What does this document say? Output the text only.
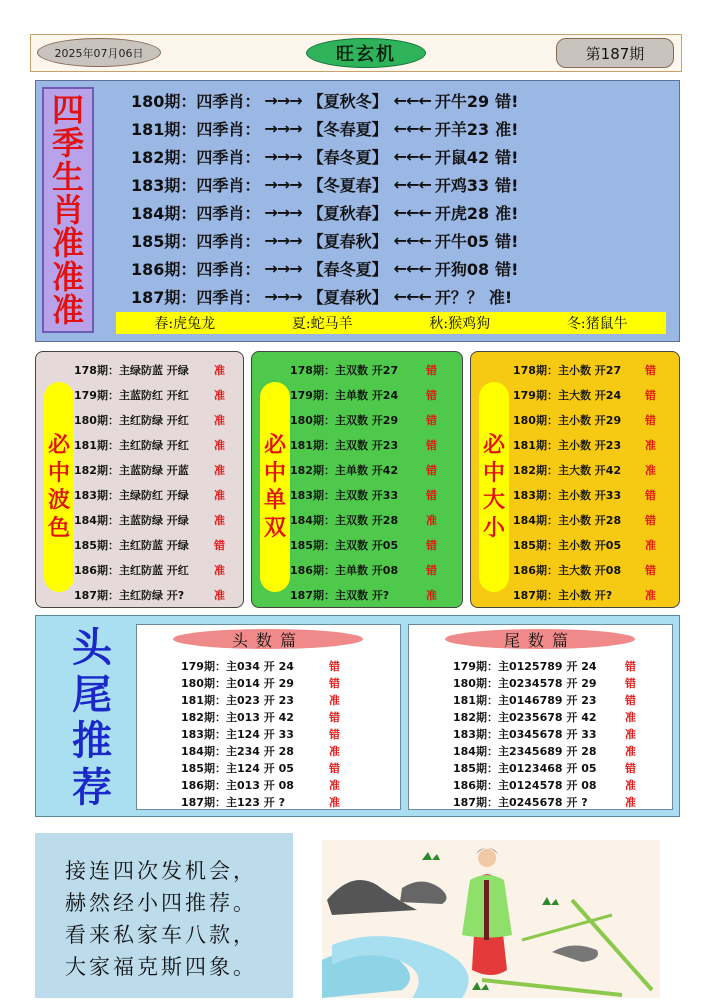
2025年07月06日	旺玄机	第187期
四
季
生
肖
准
准
准	春:虎兔龙	夏:蛇马羊	秋:猴鸡狗	冬:猪鼠牛
180期： 四季肖： →→→ 【夏秋冬】 ←←← 开牛29 错!
181期： 四季肖： →→→ 【冬春夏】 ←←← 开羊23 准!
182期： 四季肖： →→→ 【春冬夏】 ←←← 开鼠42 错!
183期： 四季肖： →→→ 【冬夏春】 ←←← 开鸡33 错!
184期： 四季肖： →→→ 【夏秋春】 ←←← 开虎28 准!
185期： 四季肖： →→→ 【夏春秋】 ←←← 开牛05 错!
186期： 四季肖： →→→ 【春冬夏】 ←←← 开狗08 错!
187期： 四季肖： →→→ 【夏春秋】 ←←← 开？？ 准!
必
中
波
色
178期：主绿防蓝 开绿 准
179期：主蓝防红 开红 准
180期：主红防绿 开红 准
181期：主红防绿 开红 准
182期：主蓝防绿 开蓝 准
183期：主绿防红 开绿 准
184期：主蓝防绿 开绿 准
185期：主红防蓝 开绿 错
186期：主红防蓝 开红 准
187期：主红防绿 开?	准
必
中
单
双
178期：主双数 开27	错
179期：主单数 开24	错
180期：主双数 开29	错
181期：主双数 开23	错
182期：主单数 开42	错
183期：主双数 开33	错
184期：主双数 开28	准
185期：主双数 开05	错
186期：主单数 开08	错
187期：主双数 开?	准
必
中
大
小
178期：主小数 开27 错
179期：主大数 开24 错
180期：主小数 开29 错
181期：主小数 开23 准
182期：主大数 开42 准
183期：主小数 开33 错
184期：主小数 开28 错
185期：主小数 开05 准
186期：主大数 开08 错
187期：主小数 开?	准
头
尾
推
荐
头数篇
179期：主034 开 24	错
180期：主014 开 29	错
181期：主023 开 23	准
182期：主013 开 42	错
183期：主124 开 33	错
184期：主234 开 28	准
185期：主124 开 05	错
186期：主013 开 08	准
187期：主123 开 ?	准
尾数篇
179期：主0125789 开 24	错
180期：主0234578 开 29	错
181期：主0146789 开 23	错
182期：主0235678 开 42	准
183期：主0345678 开 33	准
184期：主2345689 开 28	准
185期：主0123468 开 05	错
186期：主0124578 开 08	准
187期：主0245678 开 ?	准
接连四次发机会，
赫然经小四推荐。
看来私家车八款，
大家福克斯四象。
